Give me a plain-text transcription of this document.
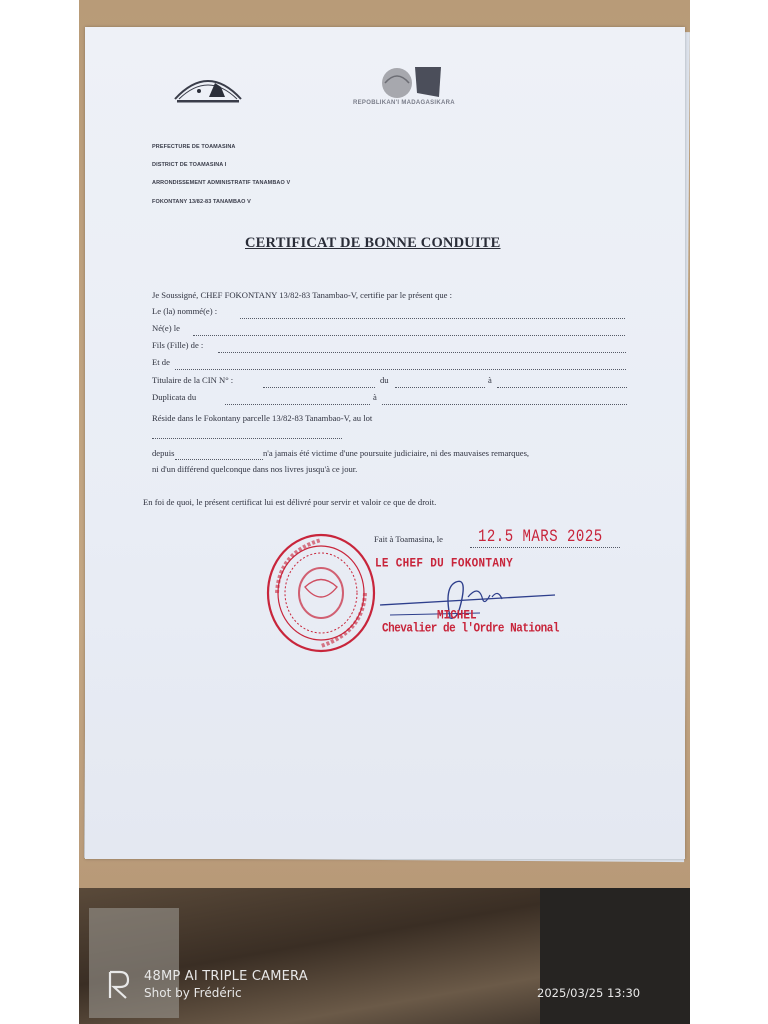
REPOBLIKAN'I MADAGASIKARA
PREFECTURE DE TOAMASINA
DISTRICT DE TOAMASINA I
ARRONDISSEMENT ADMINISTRATIF TANAMBAO V
FOKONTANY 13/82-83 TANAMBAO V
CERTIFICAT DE BONNE CONDUITE
Je Soussigné, CHEF FOKONTANY 13/82-83 Tanambao-V, certifie par le présent que :
Le (la) nommé(e) :
Né(e) le
Fils (Fille) de :
Et de
Titulaire de la CIN N° :	du	à
Duplicata du	à
Réside dans le Fokontany parcelle 13/82-83 Tanambao-V, au lot
depuis	n'a jamais été victime d'une poursuite judiciaire, ni des mauvaises remarques,
ni d'un différend quelconque dans nos livres jusqu'à ce jour.
En foi de quoi, le présent certificat lui est délivré pour servir et valoir ce que de droit.
Fait à Toamasina, le	12.5 MARS 2025
LE CHEF DU FOKONTANY
MICHEL
Chevalier de l'Ordre National
48MP AI TRIPLE CAMERA
Shot by Frédéric	2025/03/25 13:30
